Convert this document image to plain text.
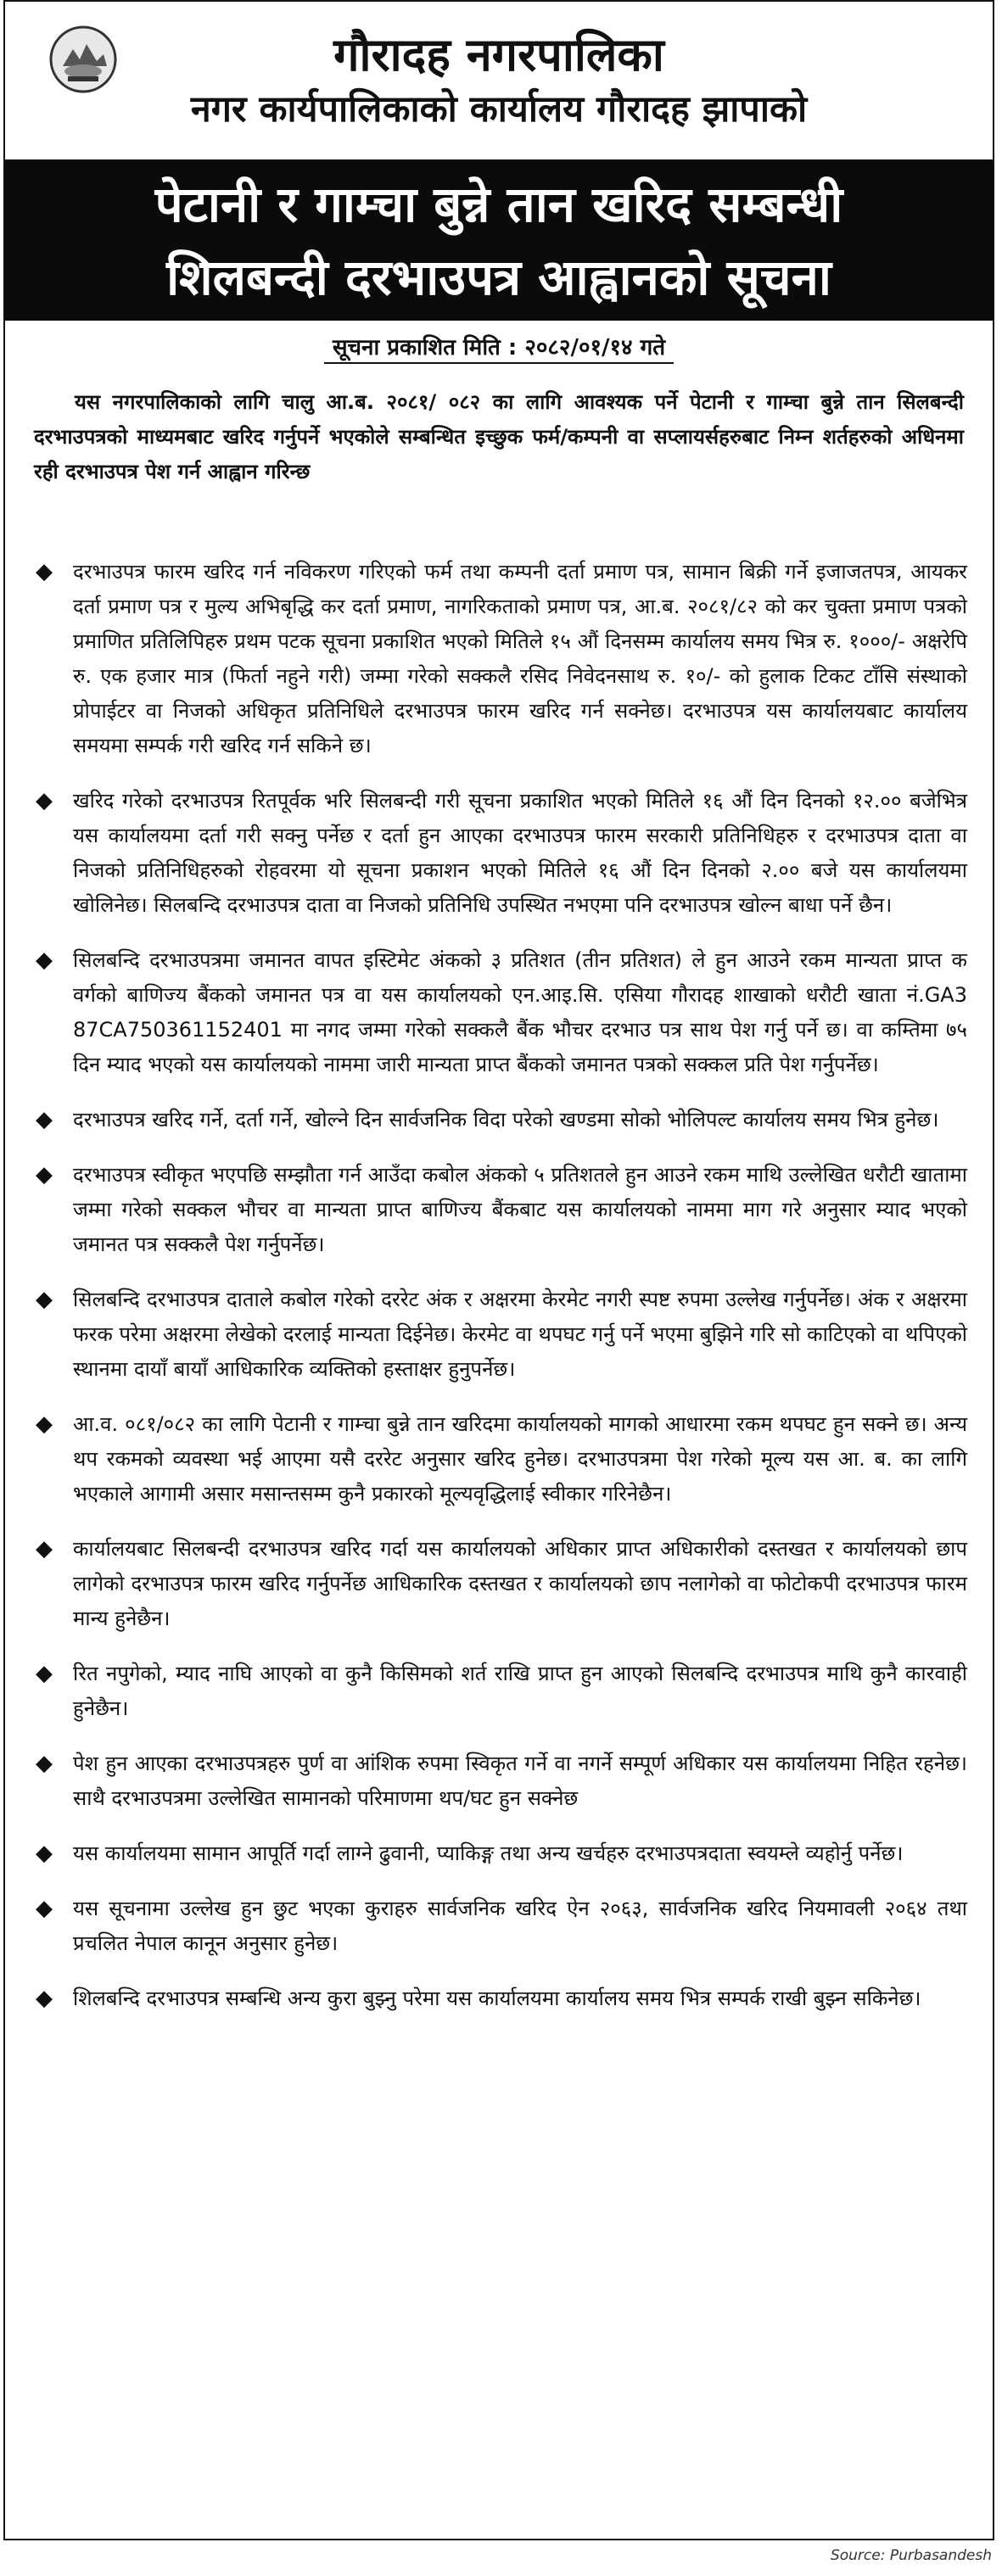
गौरादह नगरपालिका
नगर कार्यपालिकाको कार्यालय गौरादह झापाको
पेटानी र गाम्चा बुन्ने तान खरिद सम्बन्धी
शिलबन्दी दरभाउपत्र आह्वानको सूचना
सूचना प्रकाशित मिति : २०८२/०१/१४ गते

यस नगरपालिकाको लागि चालु आ.ब. २०८१/ ०८२ का लागि आवश्यक पर्ने पेटानी र गाम्चा बुन्ने तान सिलबन्दी दरभाउपत्रको माध्यमबाट खरिद गर्नुपर्ने भएकोले सम्बन्धित इच्छुक फर्म/कम्पनी वा सप्लायर्सहरुबाट निम्न शर्तहरुको अधिनमा रही दरभाउपत्र पेश गर्न आह्वान गरिन्छ

◆ दरभाउपत्र फारम खरिद गर्न नविकरण गरिएको फर्म तथा कम्पनी दर्ता प्रमाण पत्र, सामान बिक्री गर्ने इजाजतपत्र, आयकर दर्ता प्रमाण पत्र र मुल्य अभिबृद्धि कर दर्ता प्रमाण, नागरिकताको प्रमाण पत्र, आ.ब. २०८१/८२ को कर चुक्ता प्रमाण पत्रको प्रमाणित प्रतिलिपिहरु प्रथम पटक सूचना प्रकाशित भएको मितिले १५ औं दिनसम्म कार्यालय समय भित्र रु. १०००/- अक्षरेपि रु. एक हजार मात्र (फिर्ता नहुने गरी) जम्मा गरेको सक्कलै रसिद निवेदनसाथ रु. १०/- को हुलाक टिकट टाँसि संस्थाको प्रोपाईटर वा निजको अधिकृत प्रतिनिधिले दरभाउपत्र फारम खरिद गर्न सक्नेछ। दरभाउपत्र यस कार्यालयबाट कार्यालय समयमा सम्पर्क गरी खरिद गर्न सकिने छ।
◆ खरिद गरेको दरभाउपत्र रितपूर्वक भरि सिलबन्दी गरी सूचना प्रकाशित भएको मितिले १६ औं दिन दिनको १२.०० बजेभित्र यस कार्यालयमा दर्ता गरी सक्नु पर्नेछ र दर्ता हुन आएका दरभाउपत्र फारम सरकारी प्रतिनिधिहरु र दरभाउपत्र दाता वा निजको प्रतिनिधिहरुको रोहवरमा यो सूचना प्रकाशन भएको मितिले १६ औं दिन दिनको २.०० बजे यस कार्यालयमा खोलिनेछ। सिलबन्दि दरभाउपत्र दाता वा निजको प्रतिनिधि उपस्थित नभएमा पनि दरभाउपत्र खोल्न बाधा पर्ने छैन।
◆ सिलबन्दि दरभाउपत्रमा जमानत वापत इस्टिमेट अंकको ३ प्रतिशत (तीन प्रतिशत) ले हुन आउने रकम मान्यता प्राप्त क वर्गको बाणिज्य बैंकको जमानत पत्र वा यस कार्यालयको एन.आइ.सि. एसिया गौरादह शाखाको धरौटी खाता नं.GA3 87CA750361152401 मा नगद जम्मा गरेको सक्कलै बैंक भौचर दरभाउ पत्र साथ पेश गर्नु पर्ने छ। वा कम्तिमा ७५ दिन म्याद भएको यस कार्यालयको नाममा जारी मान्यता प्राप्त बैंकको जमानत पत्रको सक्कल प्रति पेश गर्नुपर्नेछ।
◆ दरभाउपत्र खरिद गर्ने, दर्ता गर्ने, खोल्ने दिन सार्वजनिक विदा परेको खण्डमा सोको भोलिपल्ट कार्यालय समय भित्र हुनेछ।
◆ दरभाउपत्र स्वीकृत भएपछि सम्झौता गर्न आउँदा कबोल अंकको ५ प्रतिशतले हुन आउने रकम माथि उल्लेखित धरौटी खातामा जम्मा गरेको सक्कल भौचर वा मान्यता प्राप्त बाणिज्य बैंकबाट यस कार्यालयको नाममा माग गरे अनुसार म्याद भएको जमानत पत्र सक्कलै पेश गर्नुपर्नेछ।
◆ सिलबन्दि दरभाउपत्र दाताले कबोल गरेको दररेट अंक र अक्षरमा केरमेट नगरी स्पष्ट रुपमा उल्लेख गर्नुपर्नेछ। अंक र अक्षरमा फरक परेमा अक्षरमा लेखेको दरलाई मान्यता दिईनेछ। केरमेट वा थपघट गर्नु पर्ने भएमा बुझिने गरि सो काटिएको वा थपिएको स्थानमा दायाँ बायाँ आधिकारिक व्यक्तिको हस्ताक्षर हुनुपर्नेछ।
◆ आ.व. ०८१/०८२ का लागि पेटानी र गाम्चा बुन्ने तान खरिदमा कार्यालयको मागको आधारमा रकम थपघट हुन सक्ने छ। अन्य थप रकमको व्यवस्था भई आएमा यसै दररेट अनुसार खरिद हुनेछ। दरभाउपत्रमा पेश गरेको मूल्य यस आ. ब. का लागि भएकाले आगामी असार मसान्तसम्म कुनै प्रकारको मूल्यवृद्धिलाई स्वीकार गरिनेछैन।
◆ कार्यालयबाट सिलबन्दी दरभाउपत्र खरिद गर्दा यस कार्यालयको अधिकार प्राप्त अधिकारीको दस्तखत र कार्यालयको छाप लागेको दरभाउपत्र फारम खरिद गर्नुपर्नेछ आधिकारिक दस्तखत र कार्यालयको छाप नलागेको वा फोटोकपी दरभाउपत्र फारम मान्य हुनेछैन।
◆ रित नपुगेको, म्याद नाघि आएको वा कुनै किसिमको शर्त राखि प्राप्त हुन आएको सिलबन्दि दरभाउपत्र माथि कुनै कारवाही हुनेछैन।
◆ पेश हुन आएका दरभाउपत्रहरु पुर्ण वा आंशिक रुपमा स्विकृत गर्ने वा नगर्ने सम्पूर्ण अधिकार यस कार्यालयमा निहित रहनेछ। साथै दरभाउपत्रमा उल्लेखित सामानको परिमाणमा थप/घट हुन सक्नेछ
◆ यस कार्यालयमा सामान आपूर्ति गर्दा लाग्ने ढुवानी, प्याकिङ्ग तथा अन्य खर्चहरु दरभाउपत्रदाता स्वयम्ले व्यहोर्नु पर्नेछ।
◆ यस सूचनामा उल्लेख हुन छुट भएका कुराहरु सार्वजनिक खरिद ऐन २०६३, सार्वजनिक खरिद नियमावली २०६४ तथा प्रचलित नेपाल कानून अनुसार हुनेछ।
◆ शिलबन्दि दरभाउपत्र सम्बन्धि अन्य कुरा बुझ्नु परेमा यस कार्यालयमा कार्यालय समय भित्र सम्पर्क राखी बुझ्न सकिनेछ।
Source: Purbasandesh
